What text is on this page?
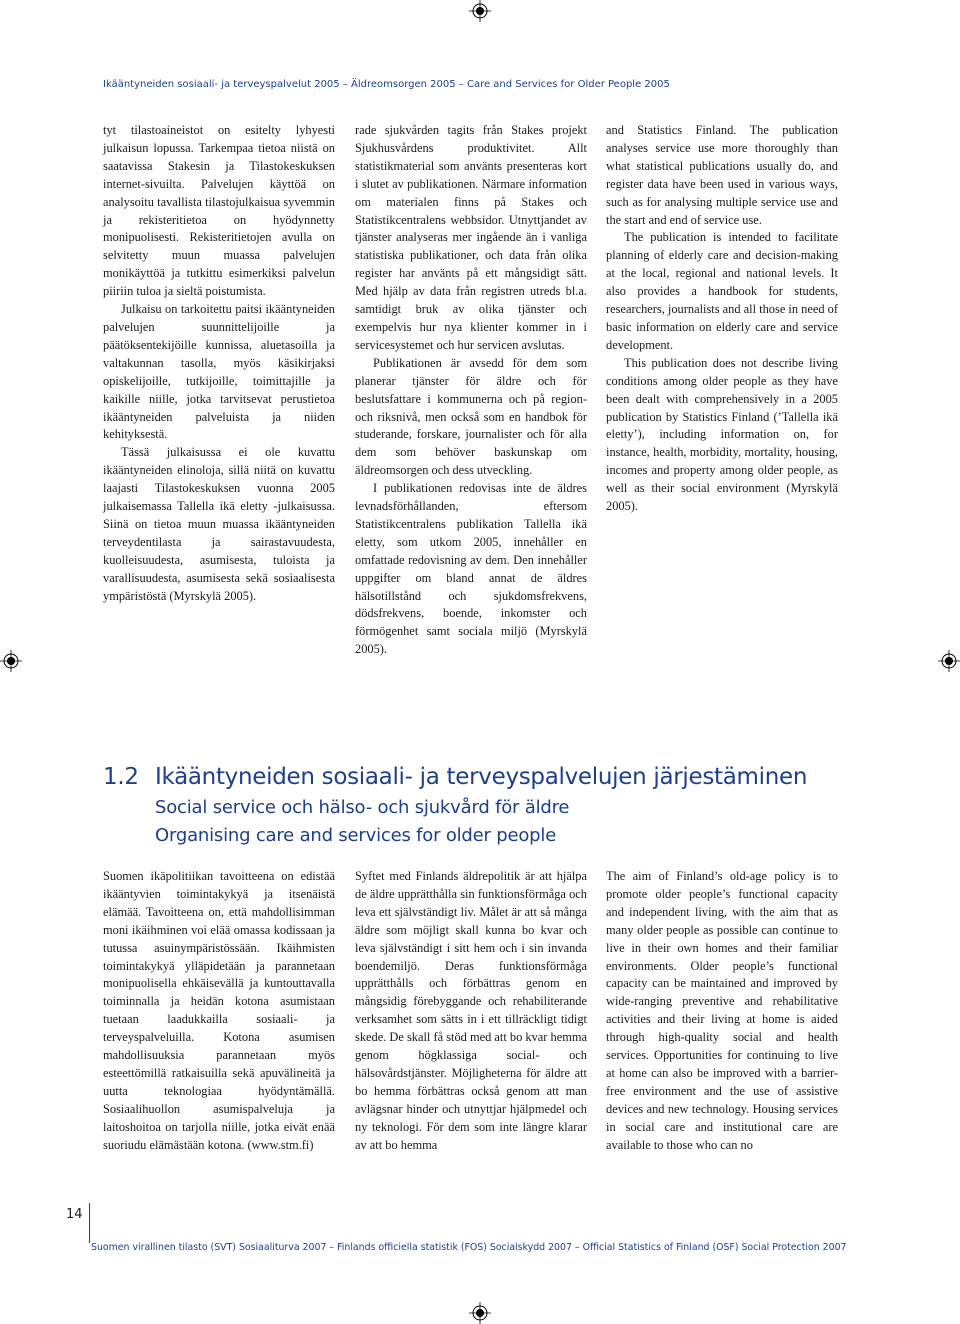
Ikääntyneiden sosiaali- ja terveyspalvelut 2005 – Äldreomsorgen 2005 – Care and Services for Older People 2005

tyt tilastoaineistot on esitelty lyhyesti julkaisun lopussa. Tarkempaa tietoa niistä on saatavissa Stakesin ja Tilastokeskuksen internet-sivuilta. Palvelujen käyttöä on analysoitu tavallista tilastojulkaisua syvemmin ja rekisteritietoa on hyödynnetty monipuolisesti. Rekisteritietojen avulla on selvitetty muun muassa palvelujen monikäyttöä ja tutkittu esimerkiksi palvelun piiriin tuloa ja sieltä poistumista.

Julkaisu on tarkoitettu paitsi ikääntyneiden palvelujen suunnittelijoille ja päätöksentekijöille kunnissa, aluetasoilla ja valtakunnan tasolla, myös käsikirjaksi opiskelijoille, tutkijoille, toimittajille ja kaikille niille, jotka tarvitsevat perustietoa ikääntyneiden palveluista ja niiden kehityksestä.

Tässä julkaisussa ei ole kuvattu ikääntyneiden elinoloja, sillä niitä on kuvattu laajasti Tilastokeskuksen vuonna 2005 julkaisemassa Tallella ikä eletty -julkaisussa. Siinä on tietoa muun muassa ikääntyneiden terveydentilasta ja sairastavuudesta, kuolleisuudesta, asumisesta, tuloista ja varallisuudesta, asumisesta sekä sosiaalisesta ympäristöstä (Myrskylä 2005).

rade sjukvården tagits från Stakes projekt Sjukhusvårdens produktivitet. Allt statistikmaterial som använts presenteras kort i slutet av publikationen. Närmare information om materialen finns på Stakes och Statistikcentralens webbsidor. Utnyttjandet av tjänster analyseras mer ingående än i vanliga statistiska publikationer, och data från olika register har använts på ett mångsidigt sätt. Med hjälp av data från registren utreds bl.a. samtidigt bruk av olika tjänster och exempelvis hur nya klienter kommer in i servicesystemet och hur servicen avslutas.

Publikationen är avsedd för dem som planerar tjänster för äldre och för beslutsfattare i kommunerna och på region- och riksnivå, men också som en handbok för studerande, forskare, journalister och för alla dem som behöver baskunskap om äldreomsorgen och dess utveckling.

I publikationen redovisas inte de äldres levnadsförhållanden, eftersom Statistikcentralens publikation Tallella ikä eletty, som utkom 2005, innehåller en omfattade redovisning av dem. Den innehåller uppgifter om bland annat de äldres hälsotillstånd och sjukdomsfrekvens, dödsfrekvens, boende, inkomster och förmögenhet samt sociala miljö (Myrskylä 2005).

and Statistics Finland. The publication analyses service use more thoroughly than what statistical publications usually do, and register data have been used in various ways, such as for analysing multiple service use and the start and end of service use.

The publication is intended to facilitate planning of elderly care and decision-making at the local, regional and national levels. It also provides a handbook for students, researchers, journalists and all those in need of basic information on elderly care and service development.

This publication does not describe living conditions among older people as they have been dealt with comprehensively in a 2005 publication by Statistics Finland (’Tallella ikä eletty’), including information on, for instance, health, morbidity, mortality, housing, incomes and property among older people, as well as their social environment (Myrskylä 2005).

1.2 Ikääntyneiden sosiaali- ja terveyspalvelujen järjestäminen
Social service och hälso- och sjukvård för äldre
Organising care and services for older people

Suomen ikäpolitiikan tavoitteena on edistää ikääntyvien toimintakykyä ja itsenäistä elämää. Tavoitteena on, että mahdollisimman moni ikäihminen voi elää omassa kodissaan ja tutussa asuinympäristössään. Ikäihmisten toimintakykyä ylläpidetään ja parannetaan monipuolisella ehkäisevällä ja kuntouttavalla toiminnalla ja heidän kotona asumistaan tuetaan laadukkailla sosiaali- ja terveyspalveluilla. Kotona asumisen mahdollisuuksia parannetaan myös esteettömillä ratkaisuilla sekä apuvälineitä ja uutta teknologiaa hyödyntämällä. Sosiaalihuollon asumispalveluja ja laitoshoitoa on tarjolla niille, jotka eivät enää suoriudu elämästään kotona. (www.stm.fi)

Syftet med Finlands äldrepolitik är att hjälpa de äldre upprätthålla sin funktionsförmåga och leva ett självständigt liv. Målet är att så många äldre som möjligt skall kunna bo kvar och leva självständigt i sitt hem och i sin invanda boendemiljö. Deras funktionsförmåga upprätthålls och förbättras genom en mångsidig förebyggande och rehabiliterande verksamhet som sätts in i ett tillräckligt tidigt skede. De skall få stöd med att bo kvar hemma genom högklassiga social- och hälsovårdstjänster. Möjligheterna för äldre att bo hemma förbättras också genom att man avlägsnar hinder och utnyttjar hjälpmedel och ny teknologi. För dem som inte längre klarar av att bo hemma

The aim of Finland’s old-age policy is to promote older people’s functional capacity and independent living, with the aim that as many older people as possible can continue to live in their own homes and their familiar environments. Older people’s functional capacity can be maintained and improved by wide-ranging preventive and rehabilitative activities and their living at home is aided through high-quality social and health services. Opportunities for continuing to live at home can also be improved with a barrier-free environment and the use of assistive devices and new technology. Housing services in social care and institutional care are available to those who can no

14
Suomen virallinen tilasto (SVT) Sosiaaliturva 2007 – Finlands officiella statistik (FOS) Socialskydd 2007 – Official Statistics of Finland (OSF) Social Protection 2007
